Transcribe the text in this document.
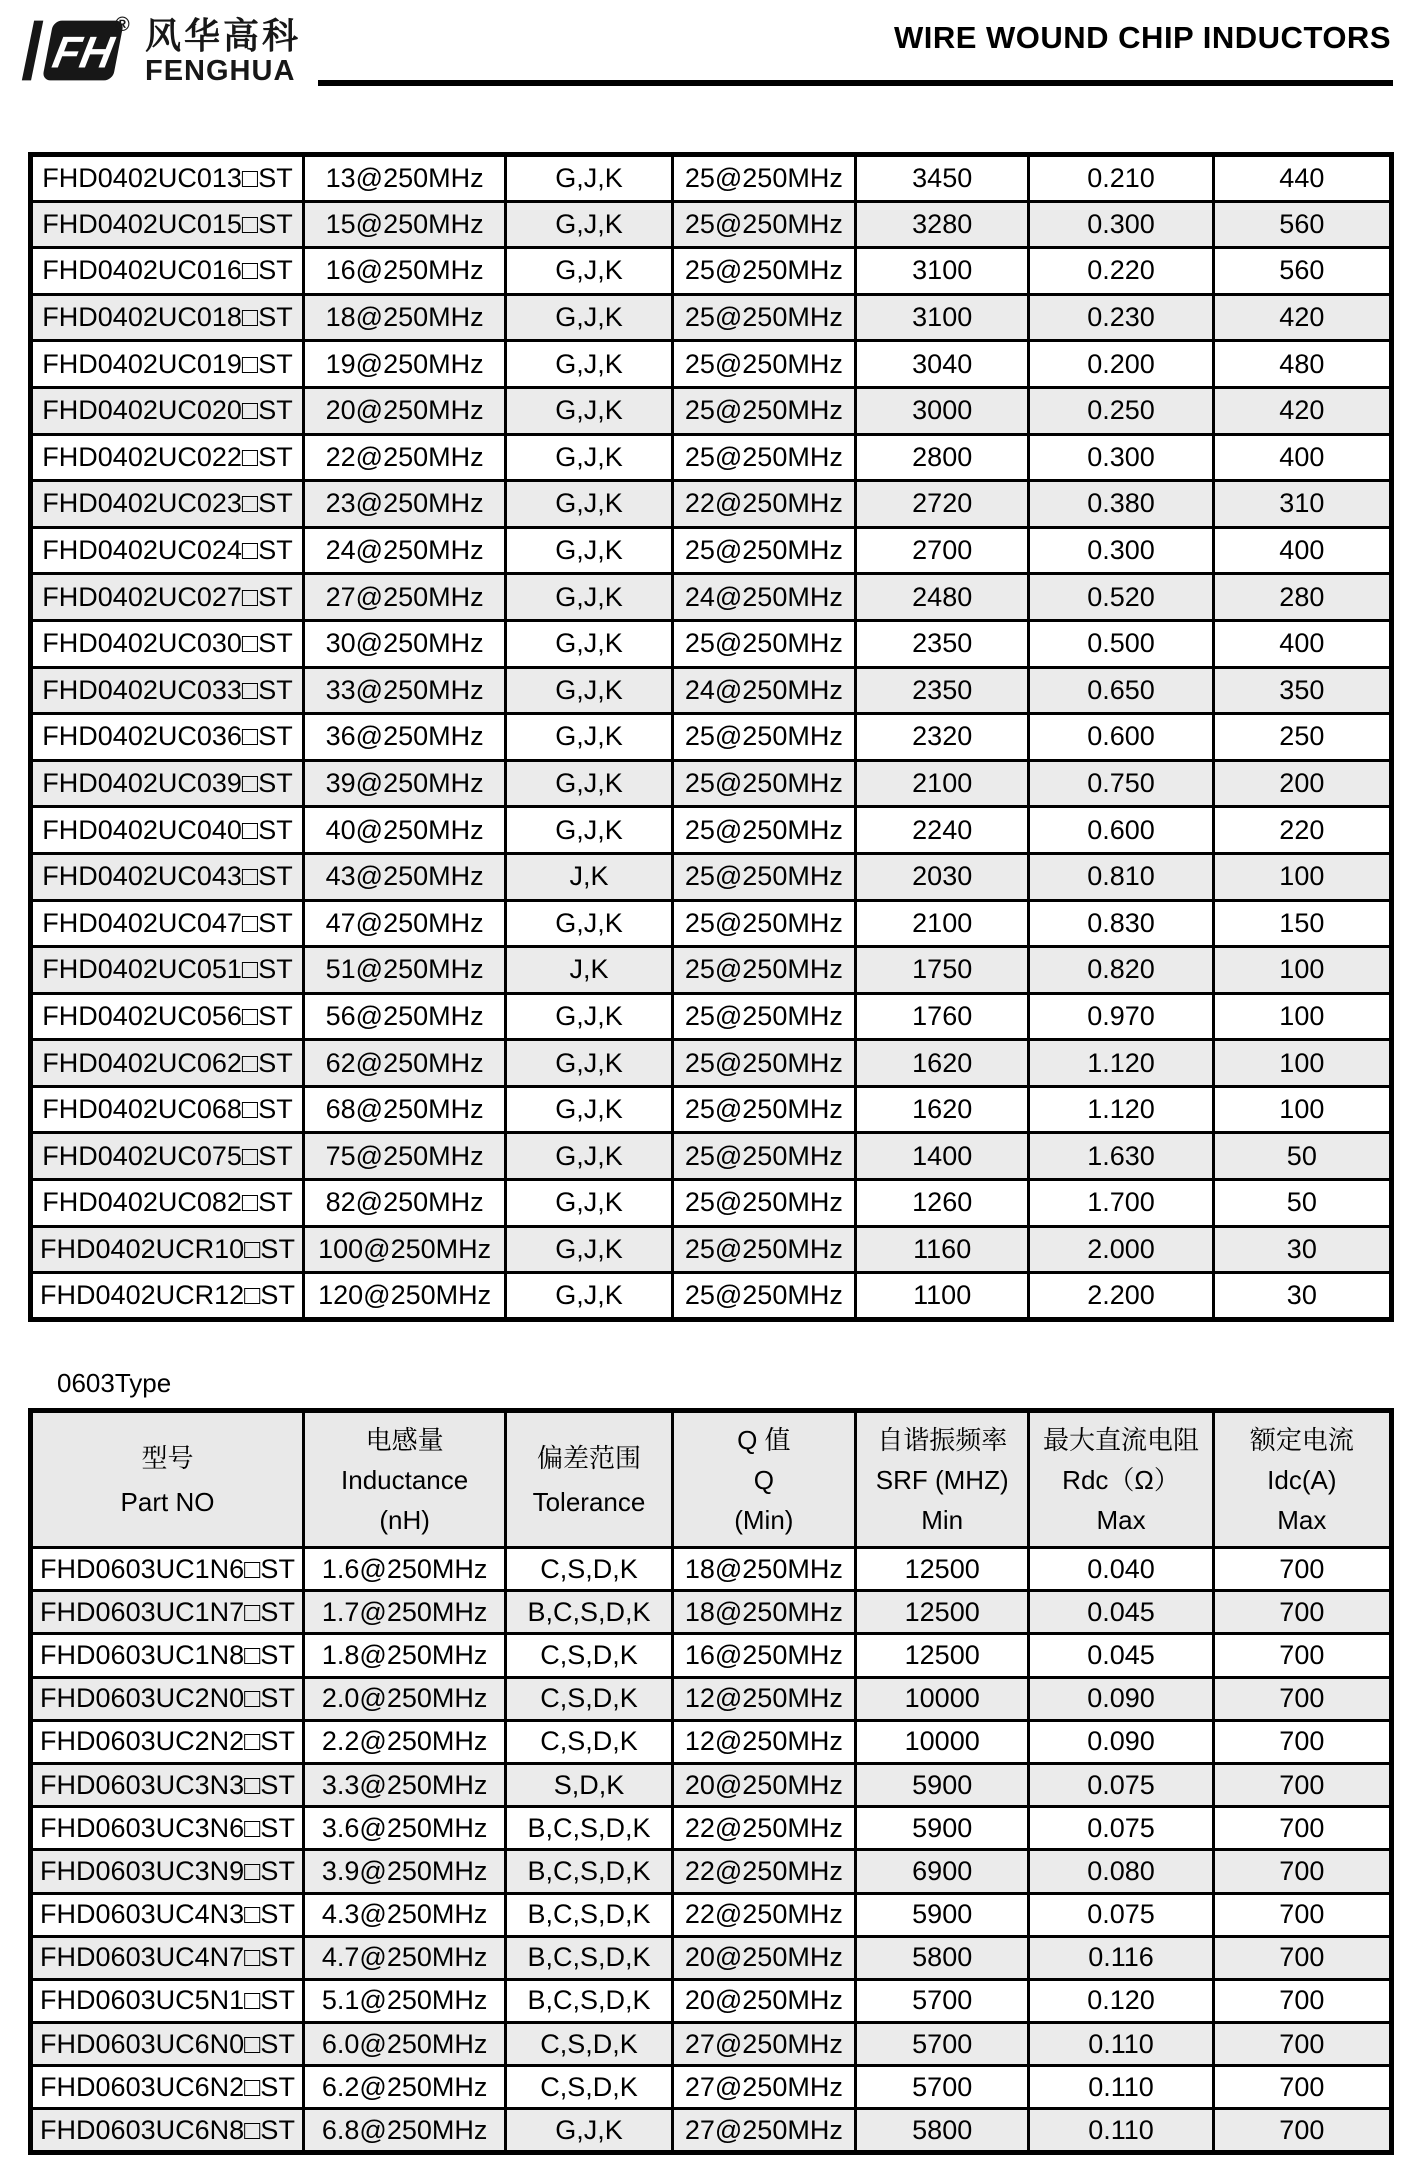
FH
® 风华高科
FENGHUA
WIRE WOUND CHIP INDUCTORS
FHD0402UC013□ST	13@250MHz	G,J,K	25@250MHz	3450	0.210	440
FHD0402UC015□ST	15@250MHz	G,J,K	25@250MHz	3280	0.300	560
FHD0402UC016□ST	16@250MHz	G,J,K	25@250MHz	3100	0.220	560
FHD0402UC018□ST	18@250MHz	G,J,K	25@250MHz	3100	0.230	420
FHD0402UC019□ST	19@250MHz	G,J,K	25@250MHz	3040	0.200	480
FHD0402UC020□ST	20@250MHz	G,J,K	25@250MHz	3000	0.250	420
FHD0402UC022□ST	22@250MHz	G,J,K	25@250MHz	2800	0.300	400
FHD0402UC023□ST	23@250MHz	G,J,K	22@250MHz	2720	0.380	310
FHD0402UC024□ST	24@250MHz	G,J,K	25@250MHz	2700	0.300	400
FHD0402UC027□ST	27@250MHz	G,J,K	24@250MHz	2480	0.520	280
FHD0402UC030□ST	30@250MHz	G,J,K	25@250MHz	2350	0.500	400
FHD0402UC033□ST	33@250MHz	G,J,K	24@250MHz	2350	0.650	350
FHD0402UC036□ST	36@250MHz	G,J,K	25@250MHz	2320	0.600	250
FHD0402UC039□ST	39@250MHz	G,J,K	25@250MHz	2100	0.750	200
FHD0402UC040□ST	40@250MHz	G,J,K	25@250MHz	2240	0.600	220
FHD0402UC043□ST	43@250MHz	J,K	25@250MHz	2030	0.810	100
FHD0402UC047□ST	47@250MHz	G,J,K	25@250MHz	2100	0.830	150
FHD0402UC051□ST	51@250MHz	J,K	25@250MHz	1750	0.820	100
FHD0402UC056□ST	56@250MHz	G,J,K	25@250MHz	1760	0.970	100
FHD0402UC062□ST	62@250MHz	G,J,K	25@250MHz	1620	1.120	100
FHD0402UC068□ST	68@250MHz	G,J,K	25@250MHz	1620	1.120	100
FHD0402UC075□ST	75@250MHz	G,J,K	25@250MHz	1400	1.630	50
FHD0402UC082□ST	82@250MHz	G,J,K	25@250MHz	1260	1.700	50
FHD0402UCR10□ST	100@250MHz	G,J,K	25@250MHz	1160	2.000	30
FHD0402UCR12□ST	120@250MHz	G,J,K	25@250MHz	1100	2.200	30
0603Type
型号
Part NO

电感量
Inductance
(nH)

偏差范围
Tolerance

Q 值
Q
(Min)

自谐振频率
SRF (MHZ)
Min

最大直流电阻
Rdc（Ω）
Max

额定电流
Idc(A)
Max

FHD0603UC1N6□ST	1.6@250MHz	C,S,D,K	18@250MHz	12500	0.040	700
FHD0603UC1N7□ST	1.7@250MHz	B,C,S,D,K	18@250MHz	12500	0.045	700
FHD0603UC1N8□ST	1.8@250MHz	C,S,D,K	16@250MHz	12500	0.045	700
FHD0603UC2N0□ST	2.0@250MHz	C,S,D,K	12@250MHz	10000	0.090	700
FHD0603UC2N2□ST	2.2@250MHz	C,S,D,K	12@250MHz	10000	0.090	700
FHD0603UC3N3□ST	3.3@250MHz	S,D,K	20@250MHz	5900	0.075	700
FHD0603UC3N6□ST	3.6@250MHz	B,C,S,D,K	22@250MHz	5900	0.075	700
FHD0603UC3N9□ST	3.9@250MHz	B,C,S,D,K	22@250MHz	6900	0.080	700
FHD0603UC4N3□ST	4.3@250MHz	B,C,S,D,K	22@250MHz	5900	0.075	700
FHD0603UC4N7□ST	4.7@250MHz	B,C,S,D,K	20@250MHz	5800	0.116	700
FHD0603UC5N1□ST	5.1@250MHz	B,C,S,D,K	20@250MHz	5700	0.120	700
FHD0603UC6N0□ST	6.0@250MHz	C,S,D,K	27@250MHz	5700	0.110	700
FHD0603UC6N2□ST	6.2@250MHz	C,S,D,K	27@250MHz	5700	0.110	700
FHD0603UC6N8□ST	6.8@250MHz	G,J,K	27@250MHz	5800	0.110	700
